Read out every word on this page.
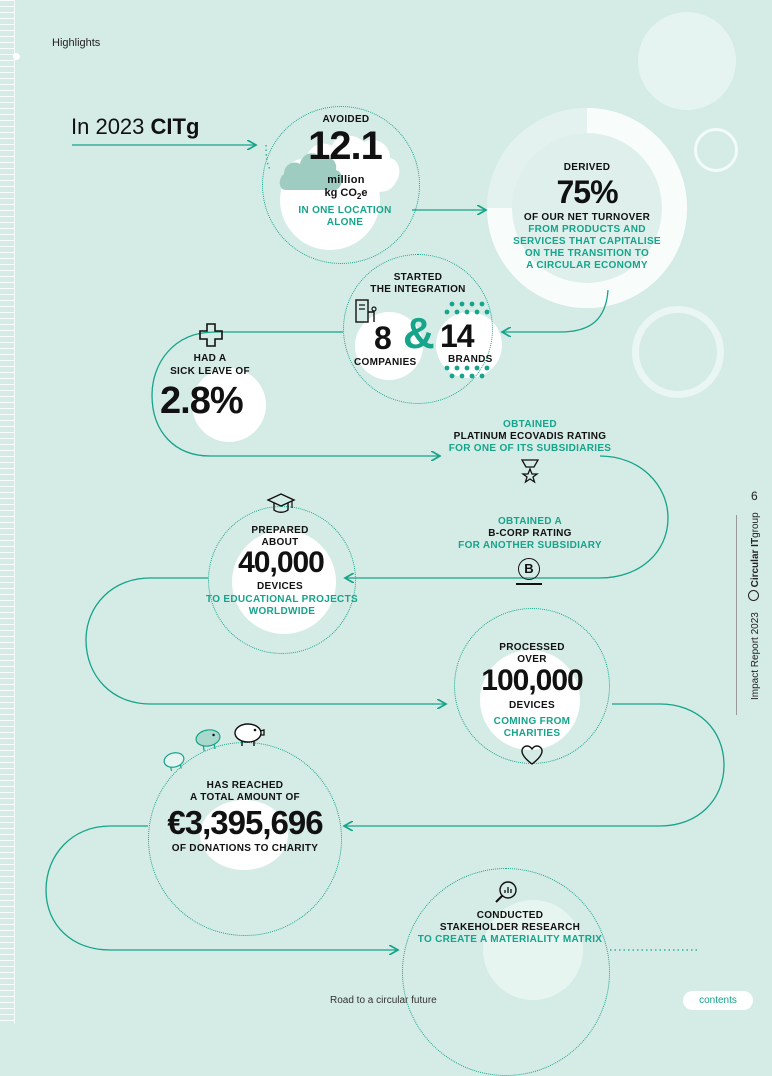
Highlights
In 2023 CITg	AVOIDED
12.1
million
kg $CO_2e$
IN ONE LOCATION
ALONE
DERIVED
75%
OF OUR NET TURNOVER
FROM PRODUCTS AND
SERVICES THAT CAPITALISE
ON THE TRANSITION TO
A CIRCULAR ECONOMY
STARTED
THE INTEGRATION
8
COMPANIES
& 14
BRANDS
HAD A
SICK LEAVE OF
2.8%
OBTAINED
PLATINUM ECOVADIS RATING
FOR ONE OF ITS SUBSIDIARIES
OBTAINED A
B-CORP RATING
FOR ANOTHER SUBSIDIARY
B
PREPARED
ABOUT
40,000
DEVICES
TO EDUCATIONAL PROJECTS
WORLDWIDE
PROCESSED
OVER
100,000
DEVICES
COMING FROM
CHARITIES
HAS REACHED
A TOTAL AMOUNT OF
€3,395,696
OF DONATIONS TO CHARITY
CONDUCTED
STAKEHOLDER RESEARCH
TO CREATE A MATERIALITY MATRIX
6
Impact Report 2023 Circular ITgroup
Road to a circular future	contents
